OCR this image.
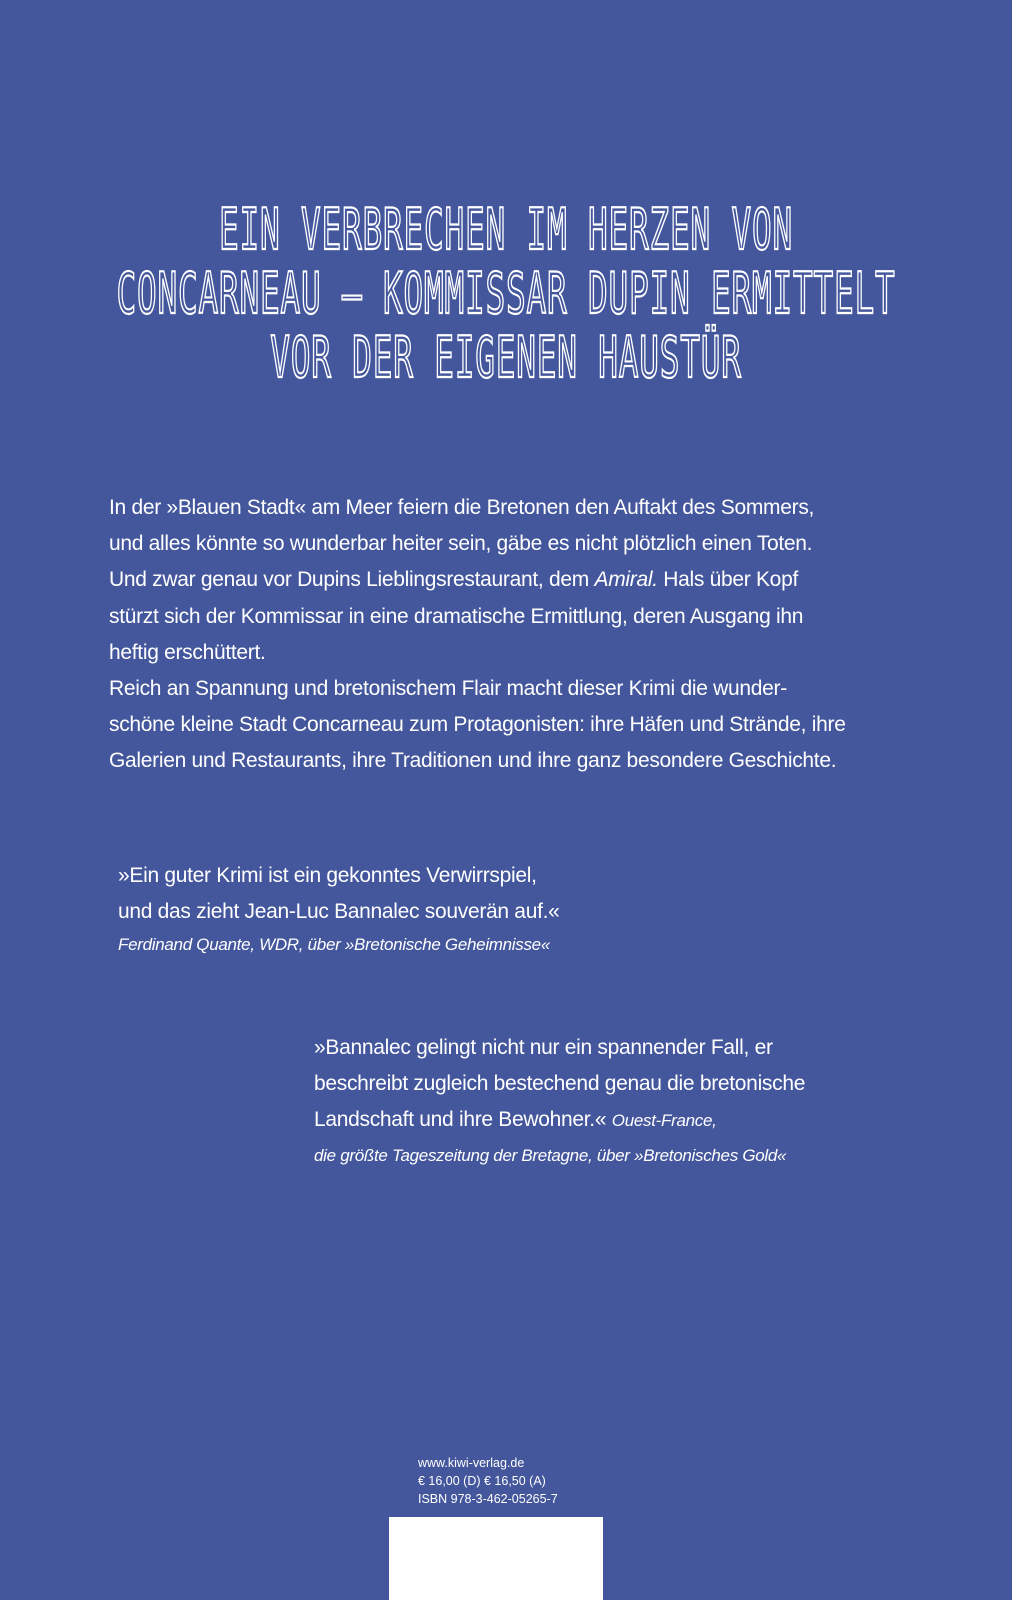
EIN VERBRECHEN IM HERZEN VON
CONCARNEAU — KOMMISSAR DUPIN ERMITTELT
VOR DER EIGENEN HAUSTÜR
In der »Blauen Stadt« am Meer feiern die Bretonen den Auftakt des Sommers,
und alles könnte so wunderbar heiter sein, gäbe es nicht plötzlich einen Toten.
Und zwar genau vor Dupins Lieblingsrestaurant, dem Amiral. Hals über Kopf
stürzt sich der Kommissar in eine dramatische Ermittlung, deren Ausgang ihn
heftig erschüttert.
Reich an Spannung und bretonischem Flair macht dieser Krimi die wunder-
schöne kleine Stadt Concarneau zum Protagonisten: ihre Häfen und Strände, ihre
Galerien und Restaurants, ihre Traditionen und ihre ganz besondere Geschichte.
»Ein guter Krimi ist ein gekonntes Verwirrspiel,
und das zieht Jean-Luc Bannalec souverän auf.«
Ferdinand Quante, WDR, über »Bretonische Geheimnisse«
»Bannalec gelingt nicht nur ein spannender Fall, er
beschreibt zugleich bestechend genau die bretonische
Landschaft und ihre Bewohner.« Ouest-France,
die größte Tageszeitung der Bretagne, über »Bretonisches Gold«
www.kiwi-verlag.de
€ 16,00 (D) € 16,50 (A)
ISBN 978-3-462-05265-7
